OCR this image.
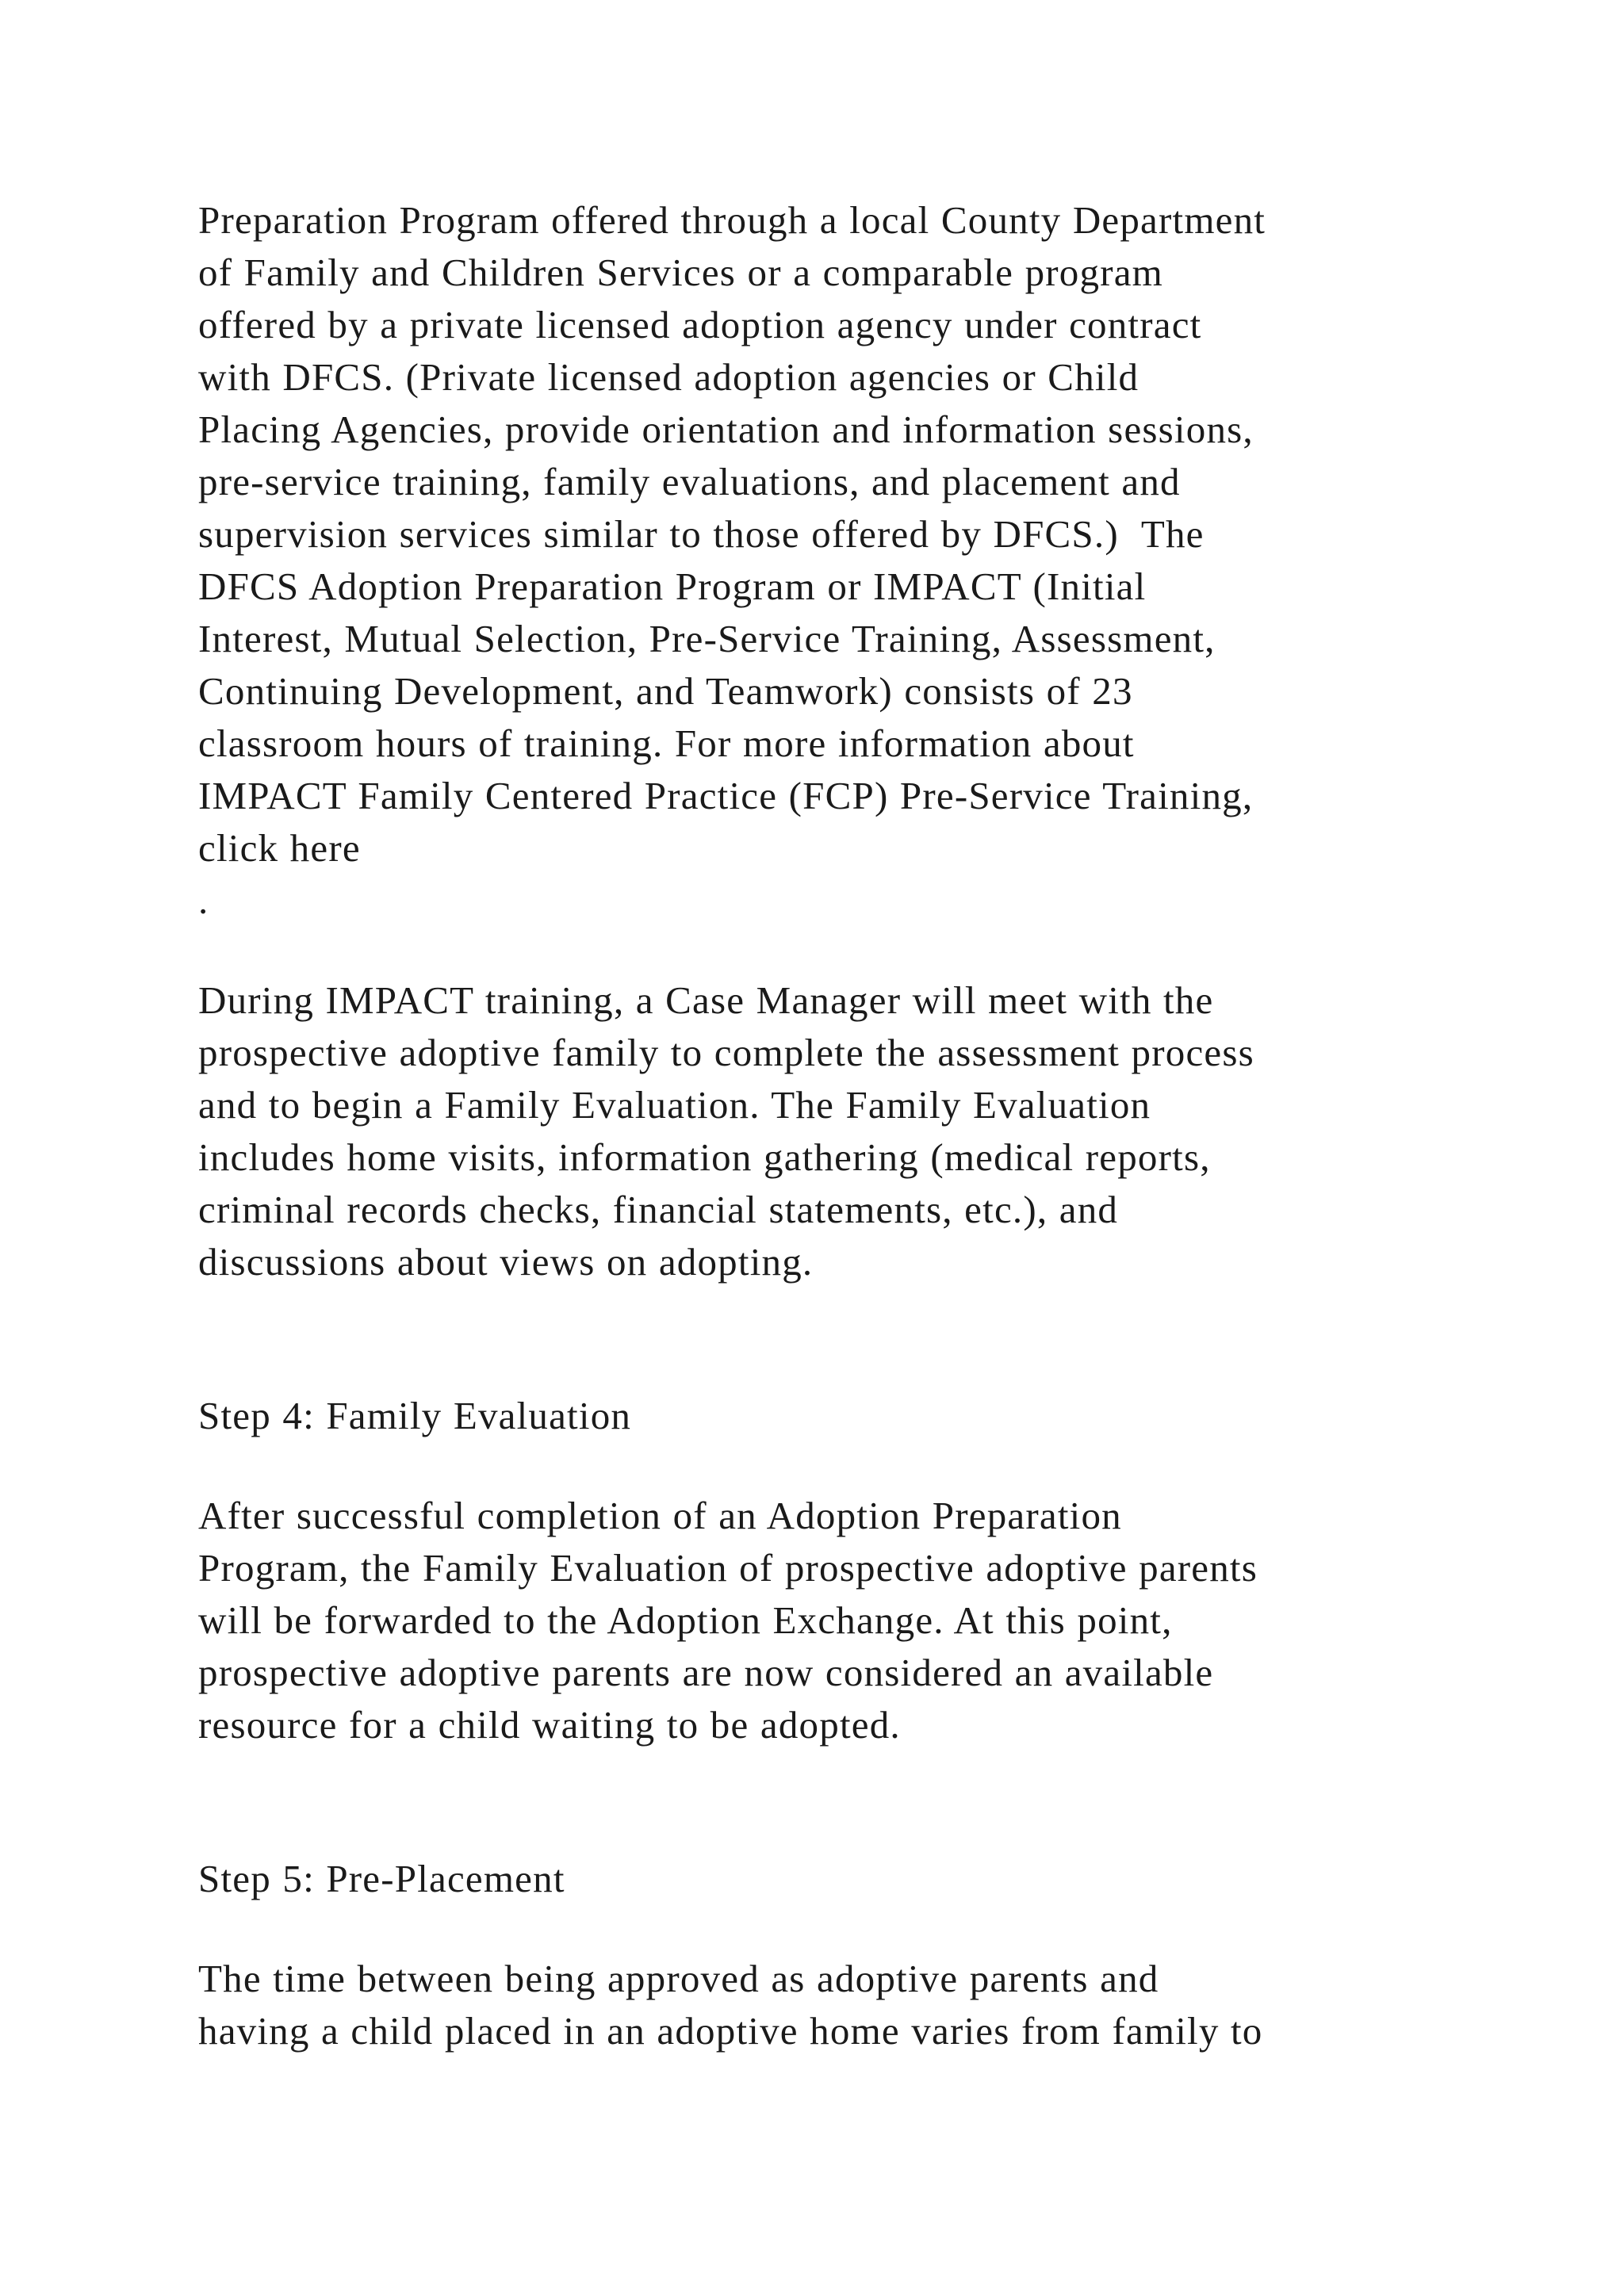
Preparation Program offered through a local County Department
of Family and Children Services or a comparable program
offered by a private licensed adoption agency under contract
with DFCS. (Private licensed adoption agencies or Child
Placing Agencies, provide orientation and information sessions,
pre-service training, family evaluations, and placement and
supervision services similar to those offered by DFCS.)  The
DFCS Adoption Preparation Program or IMPACT (Initial
Interest, Mutual Selection, Pre-Service Training, Assessment,
Continuing Development, and Teamwork) consists of 23
classroom hours of training. For more information about
IMPACT Family Centered Practice (FCP) Pre-Service Training,
click here
.
During IMPACT training, a Case Manager will meet with the
prospective adoptive family to complete the assessment process
and to begin a Family Evaluation. The Family Evaluation
includes home visits, information gathering (medical reports,
criminal records checks, financial statements, etc.), and
discussions about views on adopting.
Step 4: Family Evaluation
After successful completion of an Adoption Preparation
Program, the Family Evaluation of prospective adoptive parents
will be forwarded to the Adoption Exchange. At this point,
prospective adoptive parents are now considered an available
resource for a child waiting to be adopted.
Step 5: Pre-Placement
The time between being approved as adoptive parents and
having a child placed in an adoptive home varies from family to
